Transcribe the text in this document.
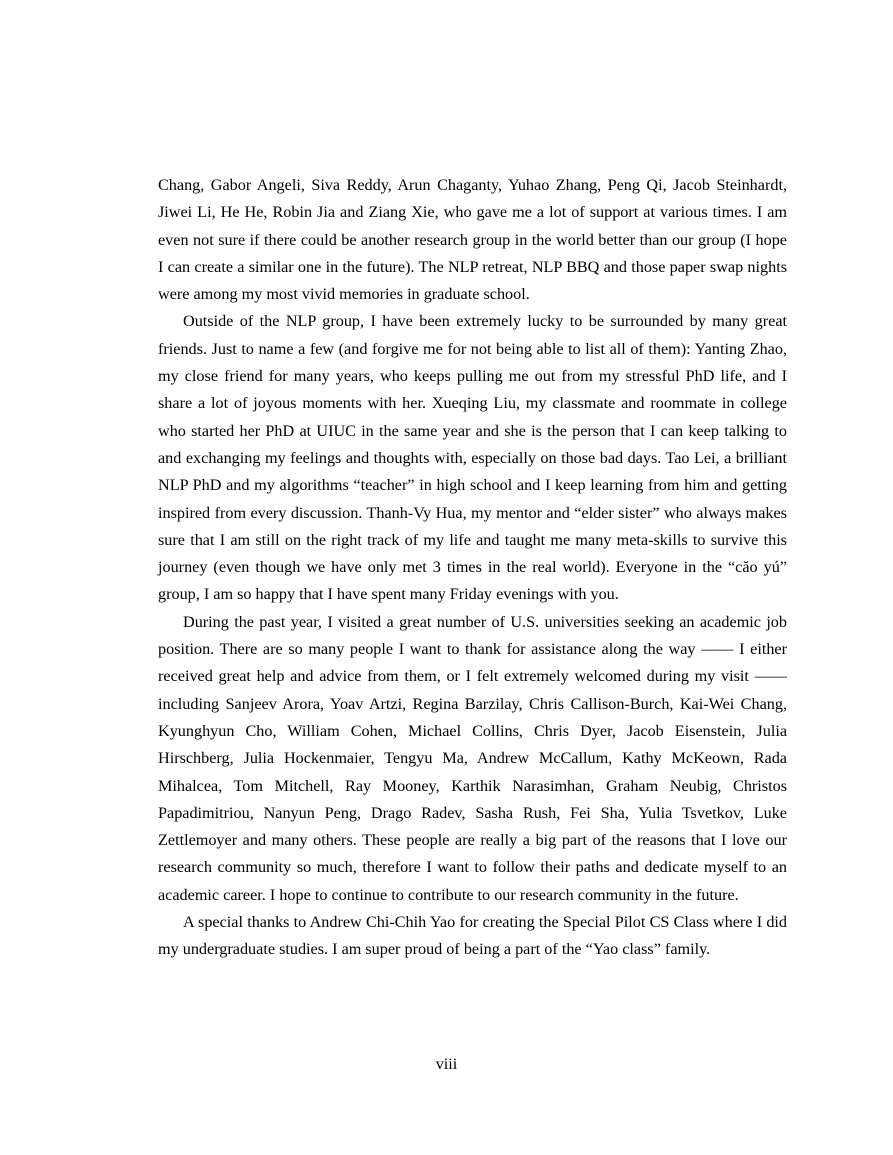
Chang, Gabor Angeli, Siva Reddy, Arun Chaganty, Yuhao Zhang, Peng Qi, Jacob Steinhardt, Jiwei Li, He He, Robin Jia and Ziang Xie, who gave me a lot of support at various times. I am even not sure if there could be another research group in the world better than our group (I hope I can create a similar one in the future). The NLP retreat, NLP BBQ and those paper swap nights were among my most vivid memories in graduate school.

Outside of the NLP group, I have been extremely lucky to be surrounded by many great friends. Just to name a few (and forgive me for not being able to list all of them): Yanting Zhao, my close friend for many years, who keeps pulling me out from my stressful PhD life, and I share a lot of joyous moments with her. Xueqing Liu, my classmate and roommate in college who started her PhD at UIUC in the same year and she is the person that I can keep talking to and exchanging my feelings and thoughts with, especially on those bad days. Tao Lei, a brilliant NLP PhD and my algorithms “teacher” in high school and I keep learning from him and getting inspired from every discussion. Thanh-Vy Hua, my mentor and “elder sister” who always makes sure that I am still on the right track of my life and taught me many meta-skills to survive this journey (even though we have only met 3 times in the real world). Everyone in the “căo yú” group, I am so happy that I have spent many Friday evenings with you.

During the past year, I visited a great number of U.S. universities seeking an academic job position. There are so many people I want to thank for assistance along the way —— I either received great help and advice from them, or I felt extremely welcomed during my visit —— including Sanjeev Arora, Yoav Artzi, Regina Barzilay, Chris Callison-Burch, Kai-Wei Chang, Kyunghyun Cho, William Cohen, Michael Collins, Chris Dyer, Jacob Eisenstein, Julia Hirschberg, Julia Hockenmaier, Tengyu Ma, Andrew McCallum, Kathy McKeown, Rada Mihalcea, Tom Mitchell, Ray Mooney, Karthik Narasimhan, Graham Neubig, Christos Papadimitriou, Nanyun Peng, Drago Radev, Sasha Rush, Fei Sha, Yulia Tsvetkov, Luke Zettlemoyer and many others. These people are really a big part of the reasons that I love our research community so much, therefore I want to follow their paths and dedicate myself to an academic career. I hope to continue to contribute to our research community in the future.

A special thanks to Andrew Chi-Chih Yao for creating the Special Pilot CS Class where I did my undergraduate studies. I am super proud of being a part of the “Yao class” family.

viii
